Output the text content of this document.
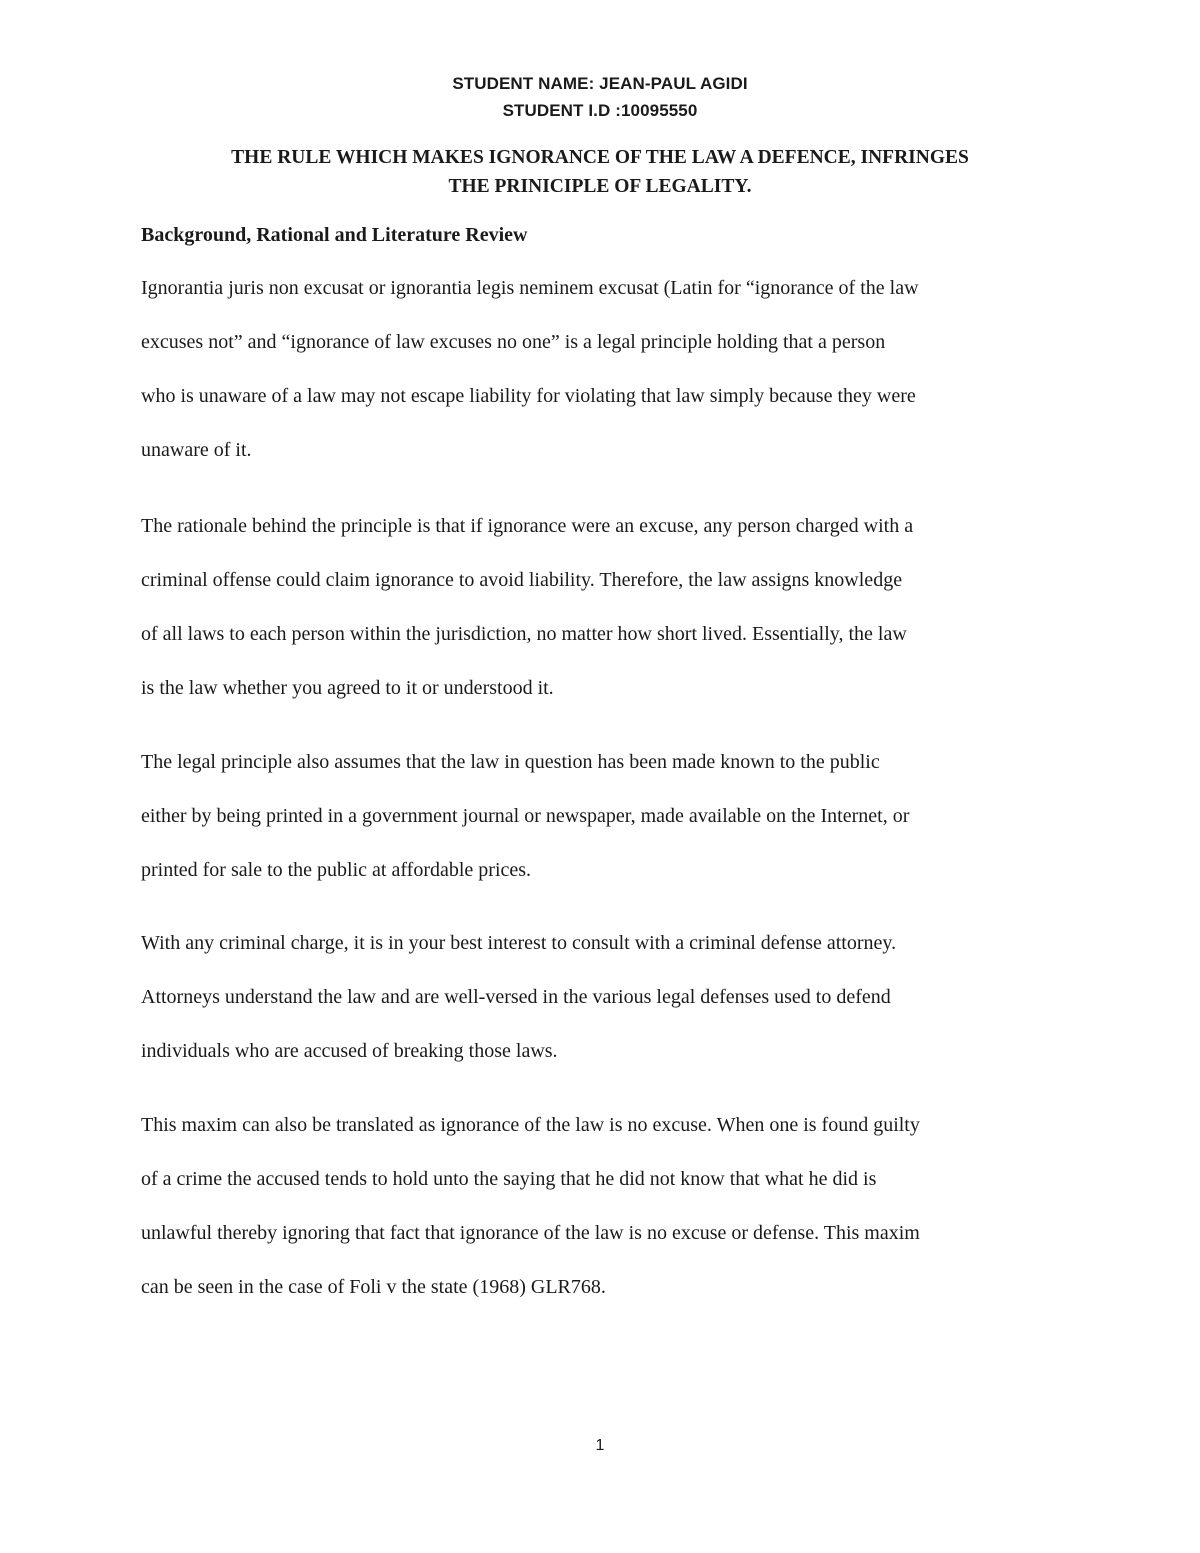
STUDENT NAME: JEAN-PAUL AGIDI
STUDENT I.D :10095550
THE RULE WHICH MAKES IGNORANCE OF THE LAW A DEFENCE, INFRINGES
THE PRINICIPLE OF LEGALITY.
Background, Rational and Literature Review
Ignorantia juris non excusat or ignorantia legis neminem excusat (Latin for “ignorance of the law
excuses not” and “ignorance of law excuses no one” is a legal principle holding that a person
who is unaware of a law may not escape liability for violating that law simply because they were
unaware of it.
The rationale behind the principle is that if ignorance were an excuse, any person charged with a
criminal offense could claim ignorance to avoid liability. Therefore, the law assigns knowledge
of all laws to each person within the jurisdiction, no matter how short lived. Essentially, the law
is the law whether you agreed to it or understood it.
The legal principle also assumes that the law in question has been made known to the public
either by being printed in a government journal or newspaper, made available on the Internet, or
printed for sale to the public at affordable prices.
With any criminal charge, it is in your best interest to consult with a criminal defense attorney.
Attorneys understand the law and are well-versed in the various legal defenses used to defend
individuals who are accused of breaking those laws.
This maxim can also be translated as ignorance of the law is no excuse. When one is found guilty
of a crime the accused tends to hold unto the saying that he did not know that what he did is
unlawful thereby ignoring that fact that ignorance of the law is no excuse or defense. This maxim
can be seen in the case of Foli v the state (1968) GLR768.
1
